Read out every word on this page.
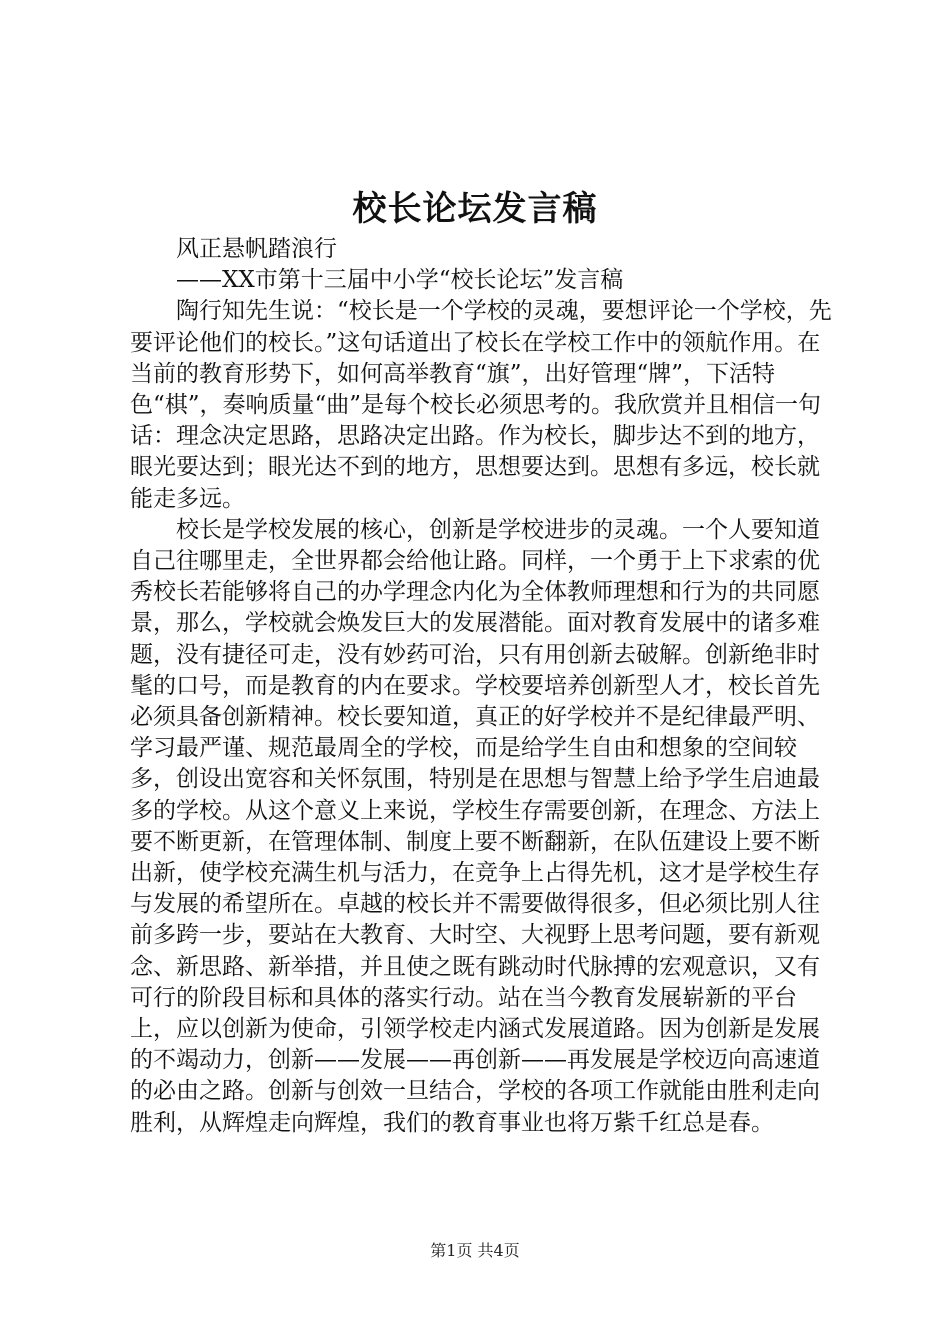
校长论坛发言稿

风正悬帆踏浪行

——XX市第十三届中小学“校长论坛”发言稿

陶行知先生说：“校长是一个学校的灵魂，要想评论一个学校，先要评论他们的校长。”这句话道出了校长在学校工作中的领航作用。在当前的教育形势下，如何高举教育“旗”，出好管理“牌”，下活特色“棋”，奏响质量“曲”是每个校长必须思考的。我欣赏并且相信一句话：理念决定思路，思路决定出路。作为校长，脚步达不到的地方，眼光要达到；眼光达不到的地方，思想要达到。思想有多远，校长就能走多远。

校长是学校发展的核心，创新是学校进步的灵魂。一个人要知道自己往哪里走，全世界都会给他让路。同样，一个勇于上下求索的优秀校长若能够将自己的办学理念内化为全体教师理想和行为的共同愿景，那么，学校就会焕发巨大的发展潜能。面对教育发展中的诸多难题，没有捷径可走，没有妙药可治，只有用创新去破解。创新绝非时髦的口号，而是教育的内在要求。学校要培养创新型人才，校长首先必须具备创新精神。校长要知道，真正的好学校并不是纪律最严明、学习最严谨、规范最周全的学校，而是给学生自由和想象的空间较多，创设出宽容和关怀氛围，特别是在思想与智慧上给予学生启迪最多的学校。从这个意义上来说，学校生存需要创新，在理念、方法上要不断更新，在管理体制、制度上要不断翻新，在队伍建设上要不断出新，使学校充满生机与活力，在竞争上占得先机，这才是学校生存与发展的希望所在。卓越的校长并不需要做得很多，但必须比别人往前多跨一步，要站在大教育、大时空、大视野上思考问题，要有新观念、新思路、新举措，并且使之既有跳动时代脉搏的宏观意识，又有可行的阶段目标和具体的落实行动。站在当今教育发展崭新的平台上，应以创新为使命，引领学校走内涵式发展道路。因为创新是发展的不竭动力，创新——发展——再创新——再发展是学校迈向高速道的必由之路。创新与创效一旦结合，学校的各项工作就能由胜利走向胜利，从辉煌走向辉煌，我们的教育事业也将万紫千红总是春。

第1页 共4页
